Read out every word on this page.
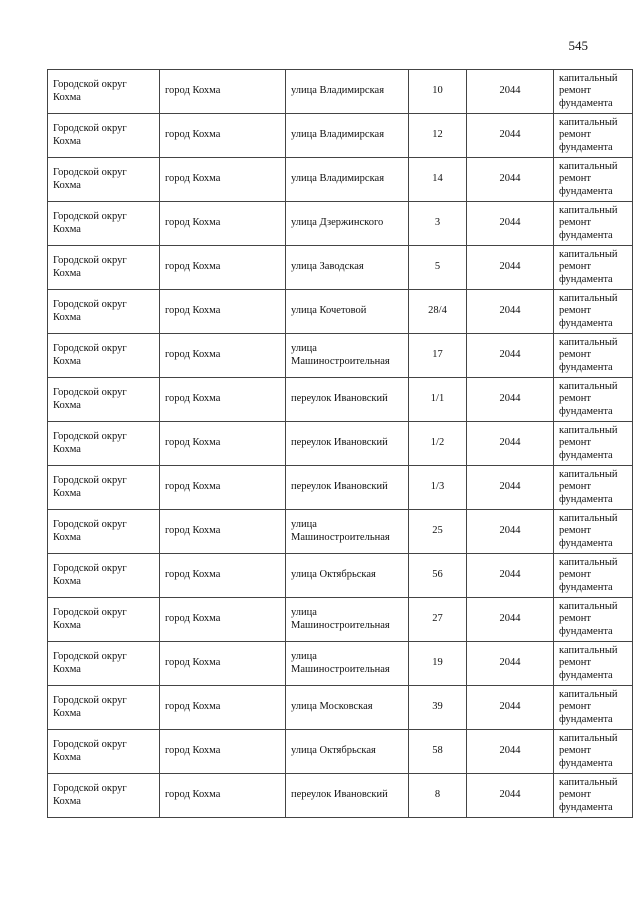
545
Городской округ Кохма	город Кохма	улица Владимирская	10	2044	капитальный ремонт фундамента
Городской округ Кохма	город Кохма	улица Владимирская	12	2044	капитальный ремонт фундамента
Городской округ Кохма	город Кохма	улица Владимирская	14	2044	капитальный ремонт фундамента
Городской округ Кохма	город Кохма	улица Дзержинского	3	2044	капитальный ремонт фундамента
Городской округ Кохма	город Кохма	улица Заводская	5	2044	капитальный ремонт фундамента
Городской округ Кохма	город Кохма	улица Кочетовой	28/4	2044	капитальный ремонт фундамента
Городской округ Кохма	город Кохма	улица Машиностроительная	17	2044	капитальный ремонт фундамента
Городской округ Кохма	город Кохма	переулок Ивановский	1/1	2044	капитальный ремонт фундамента
Городской округ Кохма	город Кохма	переулок Ивановский	1/2	2044	капитальный ремонт фундамента
Городской округ Кохма	город Кохма	переулок Ивановский	1/3	2044	капитальный ремонт фундамента
Городской округ Кохма	город Кохма	улица Машиностроительная	25	2044	капитальный ремонт фундамента
Городской округ Кохма	город Кохма	улица Октябрьская	56	2044	капитальный ремонт фундамента
Городской округ Кохма	город Кохма	улица Машиностроительная	27	2044	капитальный ремонт фундамента
Городской округ Кохма	город Кохма	улица Машиностроительная	19	2044	капитальный ремонт фундамента
Городской округ Кохма	город Кохма	улица Московская	39	2044	капитальный ремонт фундамента
Городской округ Кохма	город Кохма	улица Октябрьская	58	2044	капитальный ремонт фундамента
Городской округ Кохма	город Кохма	переулок Ивановский	8	2044	капитальный ремонт фундамента
